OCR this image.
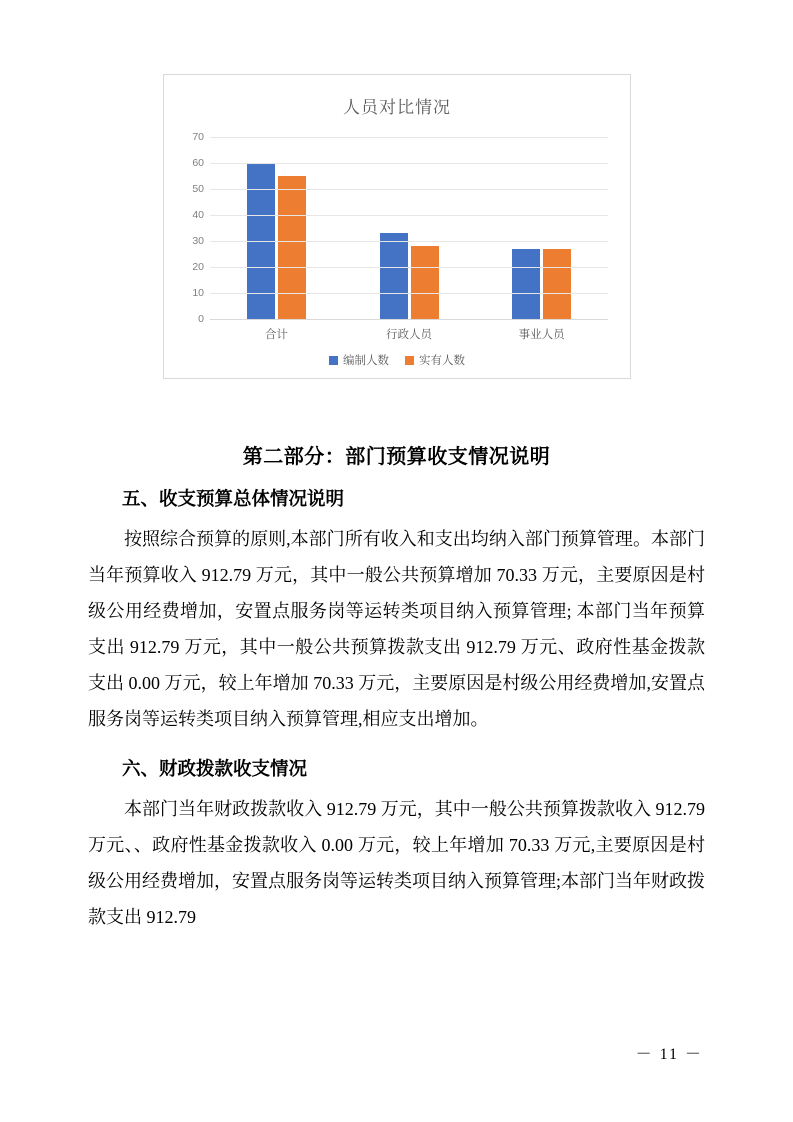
人员对比情况
合计	行政人员	事业人员
0
10
20
30
40
50
60
70
编制人数	实有人数
第二部分：部门预算收支情况说明
五、收支预算总体情况说明

按照综合预算的原则,本部门所有收入和支出均纳入部门预算管理。本部门当年预算收入 912.79 万元，其中一般公共预算增加 70.33 万元，主要原因是村级公用经费增加，安置点服务岗等运转类项目纳入预算管理; 本部门当年预算支出 912.79 万元，其中一般公共预算拨款支出 912.79 万元、政府性基金拨款支出 0.00 万元，较上年增加 70.33 万元，主要原因是村级公用经费增加,安置点服务岗等运转类项目纳入预算管理,相应支出增加。

六、财政拨款收支情况

本部门当年财政拨款收入 912.79 万元，其中一般公共预算拨款收入 912.79 万元、、政府性基金拨款收入 0.00 万元，较上年增加 70.33 万元,主要原因是村级公用经费增加，安置点服务岗等运转类项目纳入预算管理;本部门当年财政拨款支出 912.79

－ 11 －
